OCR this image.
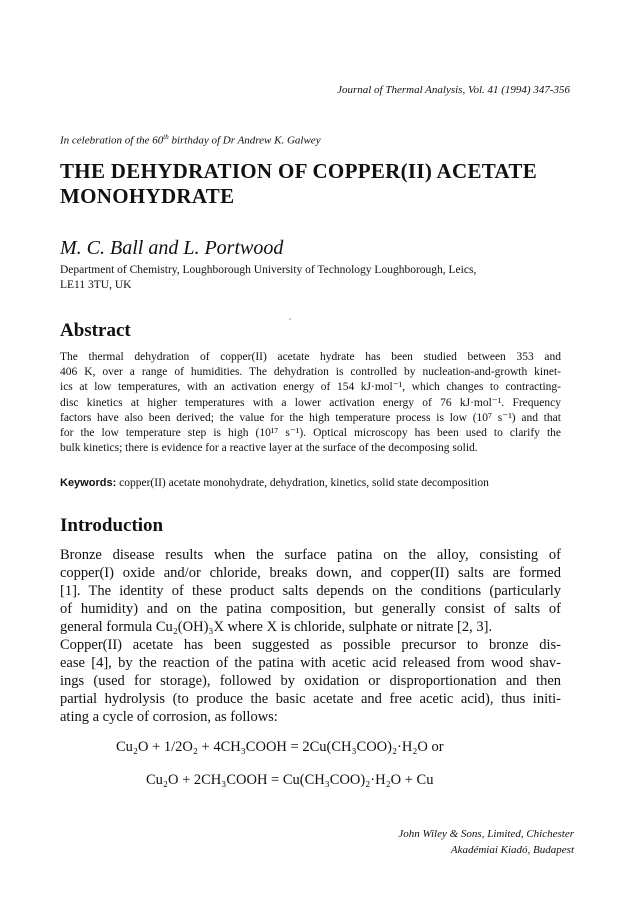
Journal of Thermal Analysis, Vol. 41 (1994) 347-356
In celebration of the 60th birthday of Dr Andrew K. Galwey
THE DEHYDRATION OF COPPER(II) ACETATE
MONOHYDRATE
M. C. Ball and L. Portwood
Department of Chemistry, Loughborough University of Technology Loughborough, Leics,
LE11 3TU, UK
Abstract
The thermal dehydration of copper(II) acetate hydrate has been studied between 353 and
406 K, over a range of humidities. The dehydration is controlled by nucleation-and-growth kinet-
ics at low temperatures, with an activation energy of 154 kJ·mol⁻¹, which changes to contracting-
disc kinetics at higher temperatures with a lower activation energy of 76 kJ·mol⁻¹. Frequency
factors have also been derived; the value for the high temperature process is low (10⁷ s⁻¹) and that
for the low temperature step is high (10¹⁷ s⁻¹). Optical microscopy has been used to clarify the
bulk kinetics; there is evidence for a reactive layer at the surface of the decomposing solid.
Keywords: copper(II) acetate monohydrate, dehydration, kinetics, solid state decomposition
Introduction
Bronze disease results when the surface patina on the alloy, consisting of
copper(I) oxide and/or chloride, breaks down, and copper(II) salts are formed
[1]. The identity of these product salts depends on the conditions (particularly
of humidity) and on the patina composition, but generally consist of salts of
general formula Cu₂(OH)₃X where X is chloride, sulphate or nitrate [2, 3].
Copper(II) acetate has been suggested as possible precursor to bronze dis-
ease [4], by the reaction of the patina with acetic acid released from wood shav-
ings (used for storage), followed by oxidation or disproportionation and then
partial hydrolysis (to produce the basic acetate and free acetic acid), thus initi-
ating a cycle of corrosion, as follows:
Cu₂O + 1/2O₂ + 4CH₃COOH = 2Cu(CH₃COO)₂·H₂O or
Cu₂O + 2CH₃COOH = Cu(CH₃COO)₂·H₂O + Cu
John Wiley & Sons, Limited, Chichester
Akadémiai Kiadó, Budapest
